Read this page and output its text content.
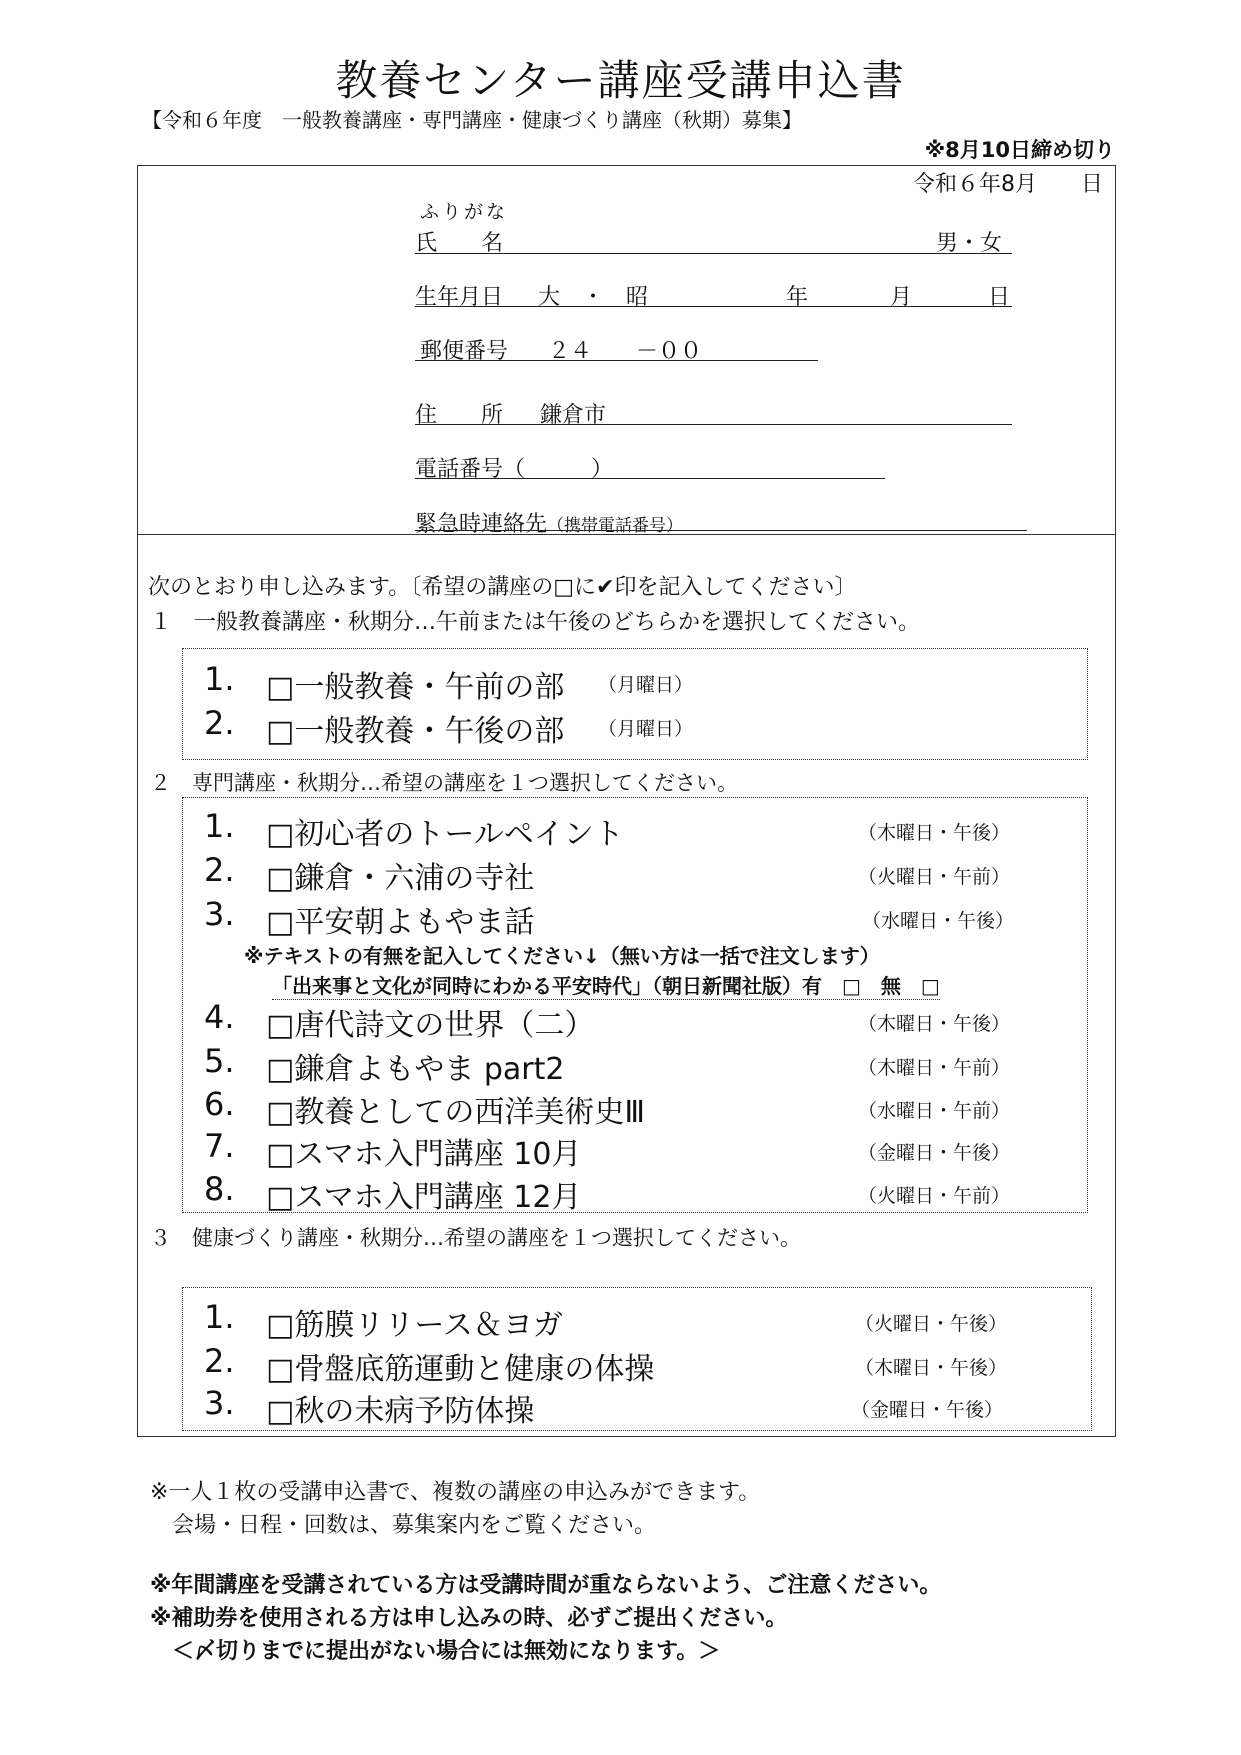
教養センター講座受講申込書
【令和６年度　一般教養講座・専門講座・健康づくり講座（秋期）募集】
※8月10日締め切り
令和６年8月　　日
ふりがな
氏　　名	男・女
生年月日 大　・　昭	年	月	日
郵便番号 ２４　　－００
住　　所 鎌倉市
電話番号（　　　）
緊急時連絡先（携帯電話番号）
次のとおり申し込みます。〔希望の講座の□に✔印を記入してください〕
１　一般教養講座・秋期分…午前または午後のどちらかを選択してください。
1. □一般教養・午前の部 （月曜日）
2. □一般教養・午後の部 （月曜日）
２　専門講座・秋期分…希望の講座を１つ選択してください。
1. □初心者のトールペイント	（木曜日・午後）
2. □鎌倉・六浦の寺社	（火曜日・午前）
3. □平安朝よもやま話	（水曜日・午後）
※テキストの有無を記入してください↓（無い方は一括で注文します）
「出来事と文化が同時にわかる平安時代」（朝日新聞社版）有　□　無　□
4. □唐代詩文の世界（二）	（木曜日・午後）
5. □鎌倉よもやま part2	（木曜日・午前）
6. □教養としての西洋美術史Ⅲ	（水曜日・午前）
7. □スマホ入門講座 10月	（金曜日・午後）
8. □スマホ入門講座 12月	（火曜日・午前）
３　健康づくり講座・秋期分…希望の講座を１つ選択してください。
1. □筋膜リリース＆ヨガ	（火曜日・午後）
2. □骨盤底筋運動と健康の体操	（木曜日・午後）
3. □秋の未病予防体操	（金曜日・午後）
※一人１枚の受講申込書で、複数の講座の申込みができます。
会場・日程・回数は、募集案内をご覧ください。
※年間講座を受講されている方は受講時間が重ならないよう、ご注意ください。
※補助券を使用される方は申し込みの時、必ずご提出ください。
＜〆切りまでに提出がない場合には無効になります。＞
